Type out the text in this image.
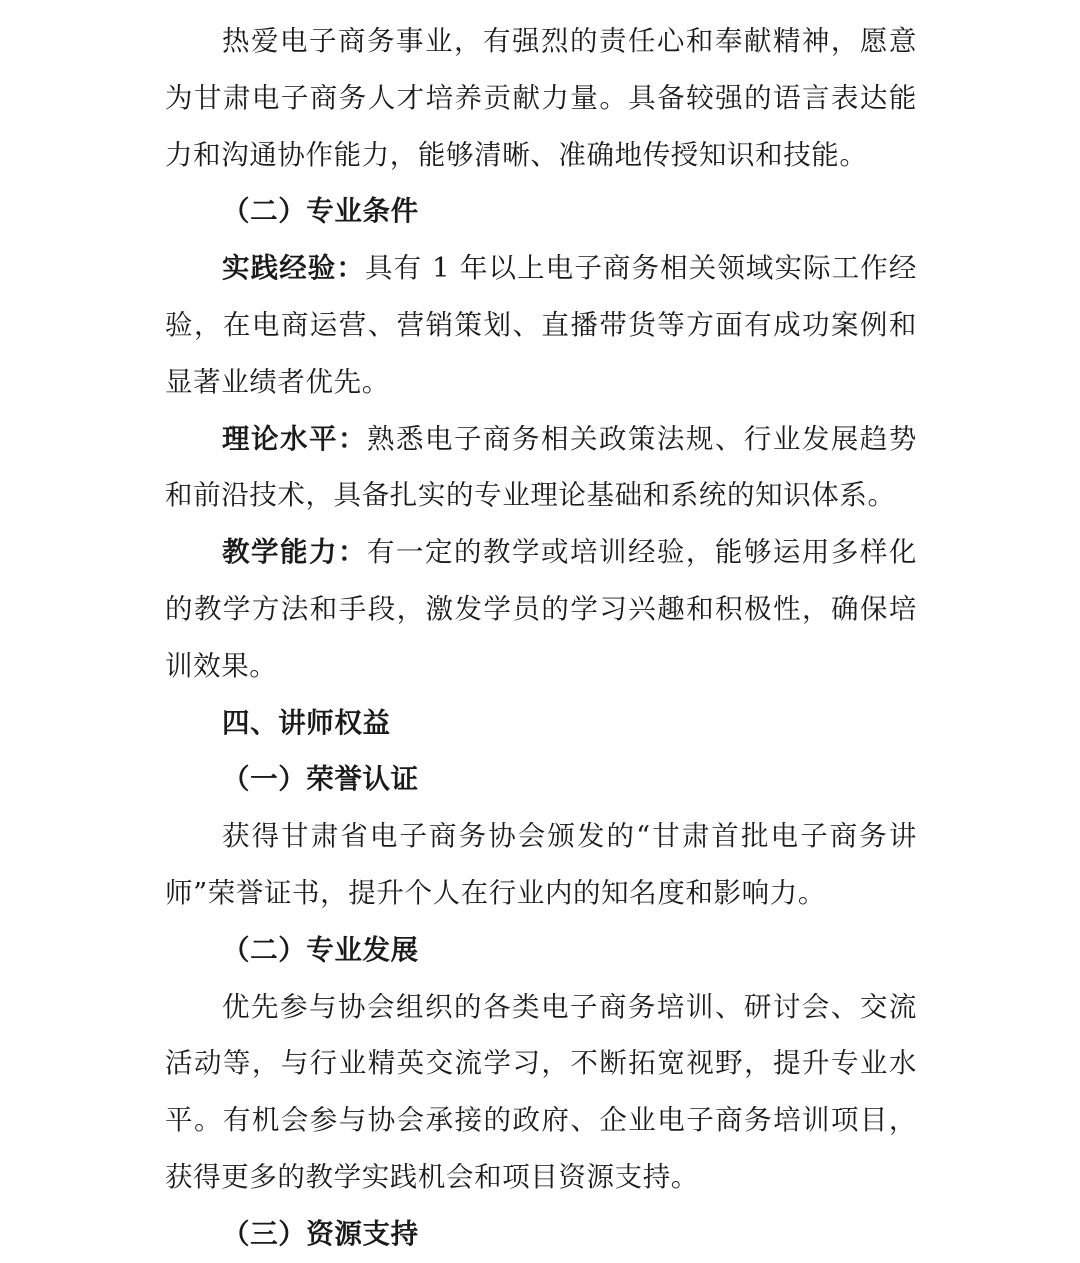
热爱电子商务事业，有强烈的责任心和奉献精神，愿意为甘肃电子商务人才培养贡献力量。具备较强的语言表达能力和沟通协作能力，能够清晰、准确地传授知识和技能。

（二）专业条件

实践经验：具有 1 年以上电子商务相关领域实际工作经验，在电商运营、营销策划、直播带货等方面有成功案例和显著业绩者优先。

理论水平：熟悉电子商务相关政策法规、行业发展趋势和前沿技术，具备扎实的专业理论基础和系统的知识体系。

教学能力：有一定的教学或培训经验，能够运用多样化的教学方法和手段，激发学员的学习兴趣和积极性，确保培训效果。

四、讲师权益

（一）荣誉认证

获得甘肃省电子商务协会颁发的“甘肃首批电子商务讲师”荣誉证书，提升个人在行业内的知名度和影响力。

（二）专业发展

优先参与协会组织的各类电子商务培训、研讨会、交流活动等，与行业精英交流学习，不断拓宽视野，提升专业水平。有机会参与协会承接的政府、企业电子商务培训项目，获得更多的教学实践机会和项目资源支持。

（三）资源支持
